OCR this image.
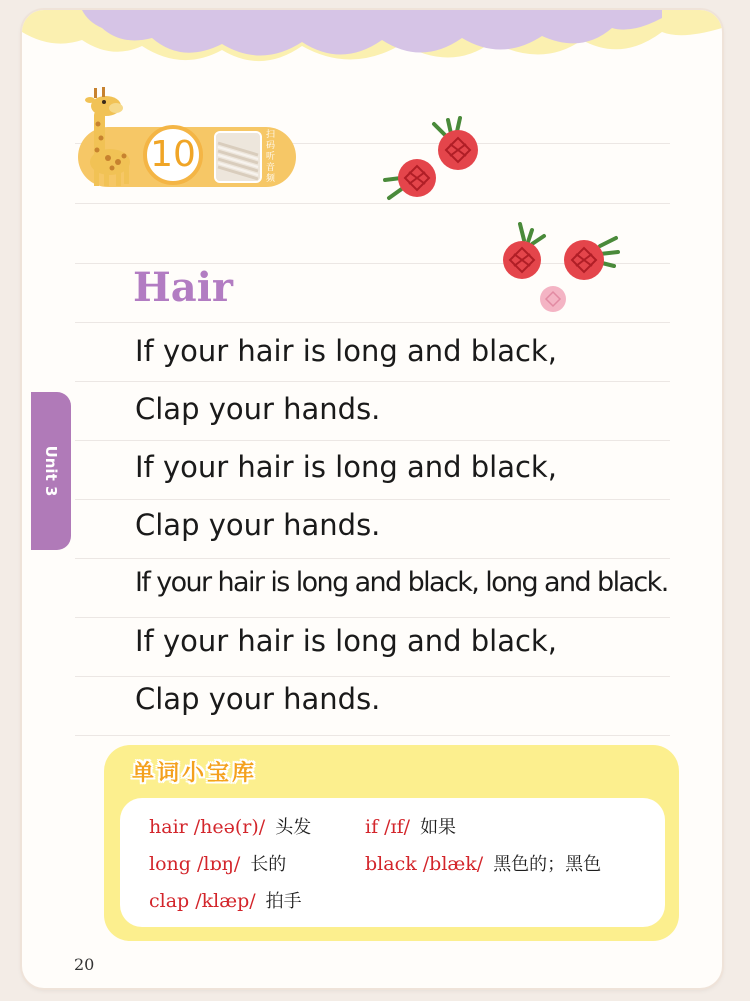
Unit 3
10	扫码听音频
Hair

If your hair is long and black,

Clap your hands.

If your hair is long and black,

Clap your hands.

If your hair is long and black, long and black.

If your hair is long and black,

Clap your hands.

单词小宝库
hair /heə(r)/ 头发	if /ɪf/ 如果
long /lɒŋ/ 长的	black /blæk/ 黑色的；黑色
clap /klæp/ 拍手

20
